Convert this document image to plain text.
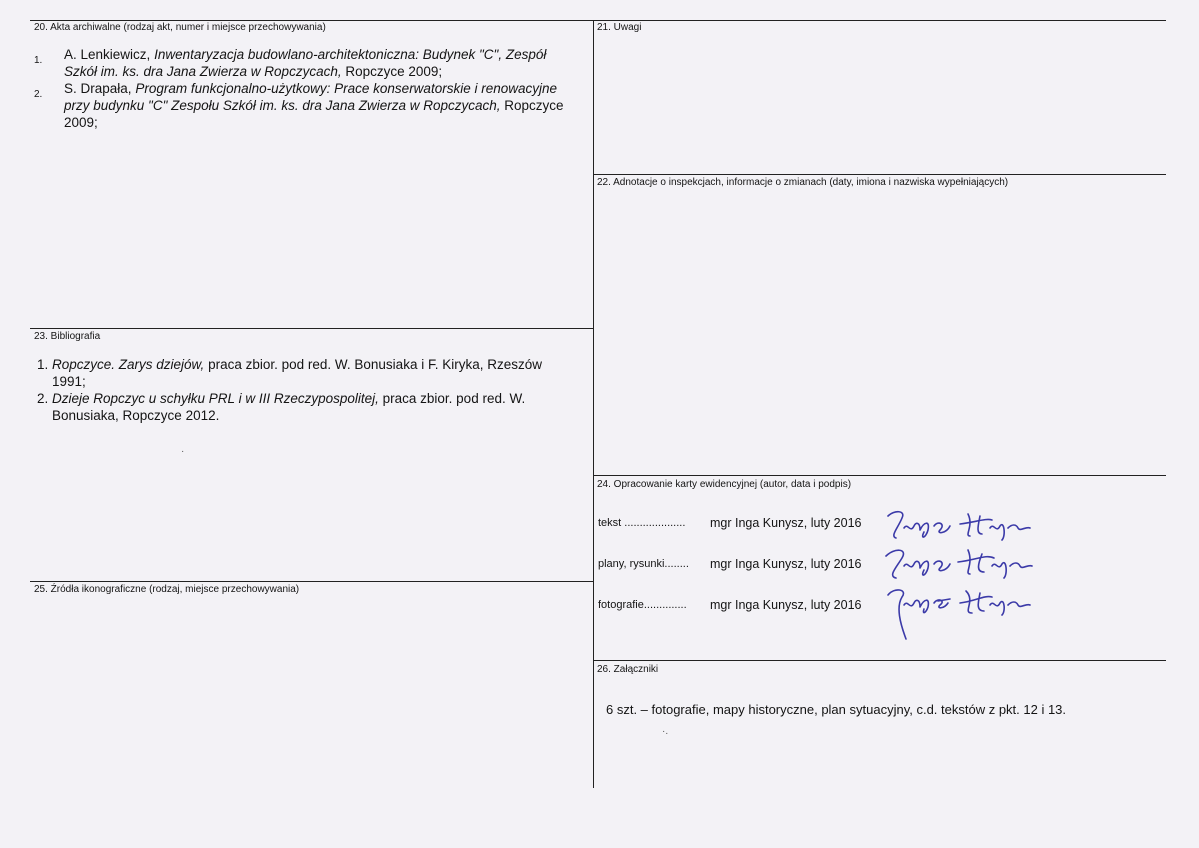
20. Akta archiwalne (rodzaj akt, numer i miejsce przechowywania)
1. A. Lenkiewicz, Inwentaryzacja budowlano-architektoniczna: Budynek "C", Zespół Szkół im. ks. dra Jana Zwierza w Ropczycach, Ropczyce 2009;
2. S. Drapała, Program funkcjonalno-użytkowy: Prace konserwatorskie i renowacyjne przy budynku "C" Zespołu Szkół im. ks. dra Jana Zwierza w Ropczycach, Ropczyce 2009;
21. Uwagi
22. Adnotacje o inspekcjach, informacje o zmianach (daty, imiona i nazwiska wypełniających)
23. Bibliografia
1. Ropczyce. Zarys dziejów, praca zbior. pod red. W. Bonusiaka i F. Kiryka, Rzeszów 1991;
2. Dzieje Ropczyc u schyłku PRL i w III Rzeczypospolitej, praca zbior. pod red. W. Bonusiaka, Ropczyce 2012.
24. Opracowanie karty ewidencyjnej (autor, data i podpis)
tekst .................... mgr Inga Kunysz, luty 2016
plany, rysunki........ mgr Inga Kunysz, luty 2016
fotografie.............. mgr Inga Kunysz, luty 2016
25. Źródła ikonograficzne (rodzaj, miejsce przechowywania)
26. Załączniki
6 szt. – fotografie, mapy historyczne, plan sytuacyjny, c.d. tekstów z pkt. 12 i 13.
·
·.
